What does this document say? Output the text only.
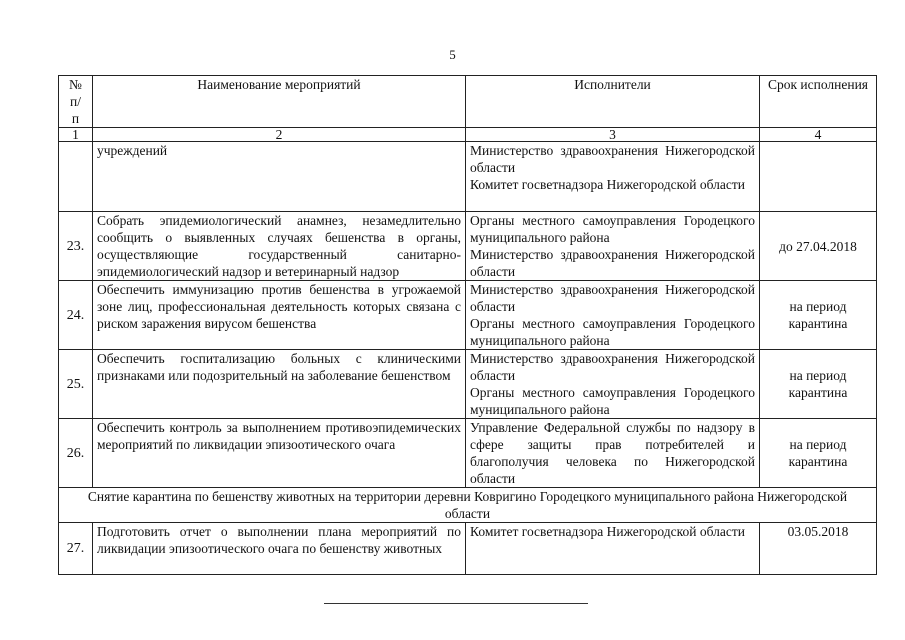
5
№ п/п	Наименование мероприятий	Исполнители	Срок исполнения
1	2	3	4
	учреждений	Министерство здравоохранения Нижегородской области
Комитет госветнадзора Нижегородской области	

23.	Собрать эпидемиологический анамнез, незамедлительно сообщить о выявленных случаях бешенства в органы, осуществляющие государственный санитарно-эпидемиологический надзор и ветеринарный надзор	Органы местного самоуправления Городецкого муниципального района
Министерство здравоохранения Нижегородской области	до 27.04.2018
24.	Обеспечить иммунизацию против бешенства в угрожаемой зоне лиц, профессиональная деятельность которых связана с риском заражения вирусом бешенства	Министерство здравоохранения Нижегородской области
Органы местного самоуправления Городецкого муниципального района	на период карантина
25.	Обеспечить госпитализацию больных с клиническими признаками или подозрительный на заболевание бешенством	Министерство здравоохранения Нижегородской области
Органы местного самоуправления Городецкого муниципального района	на период карантина
26.	Обеспечить контроль за выполнением противоэпидемических мероприятий по ликвидации эпизоотического очага	Управление Федеральной службы по надзору в сфере защиты прав потребителей и благополучия человека по Нижегородской области	на период карантина
Снятие карантина по бешенству животных на территории деревни Ковригино Городецкого муниципального района Нижегородской области			
27.	Подготовить отчет о выполнении плана мероприятий по ликвидации эпизоотического очага по бешенству животных	Комитет госветнадзора Нижегородской области	03.05.2018
